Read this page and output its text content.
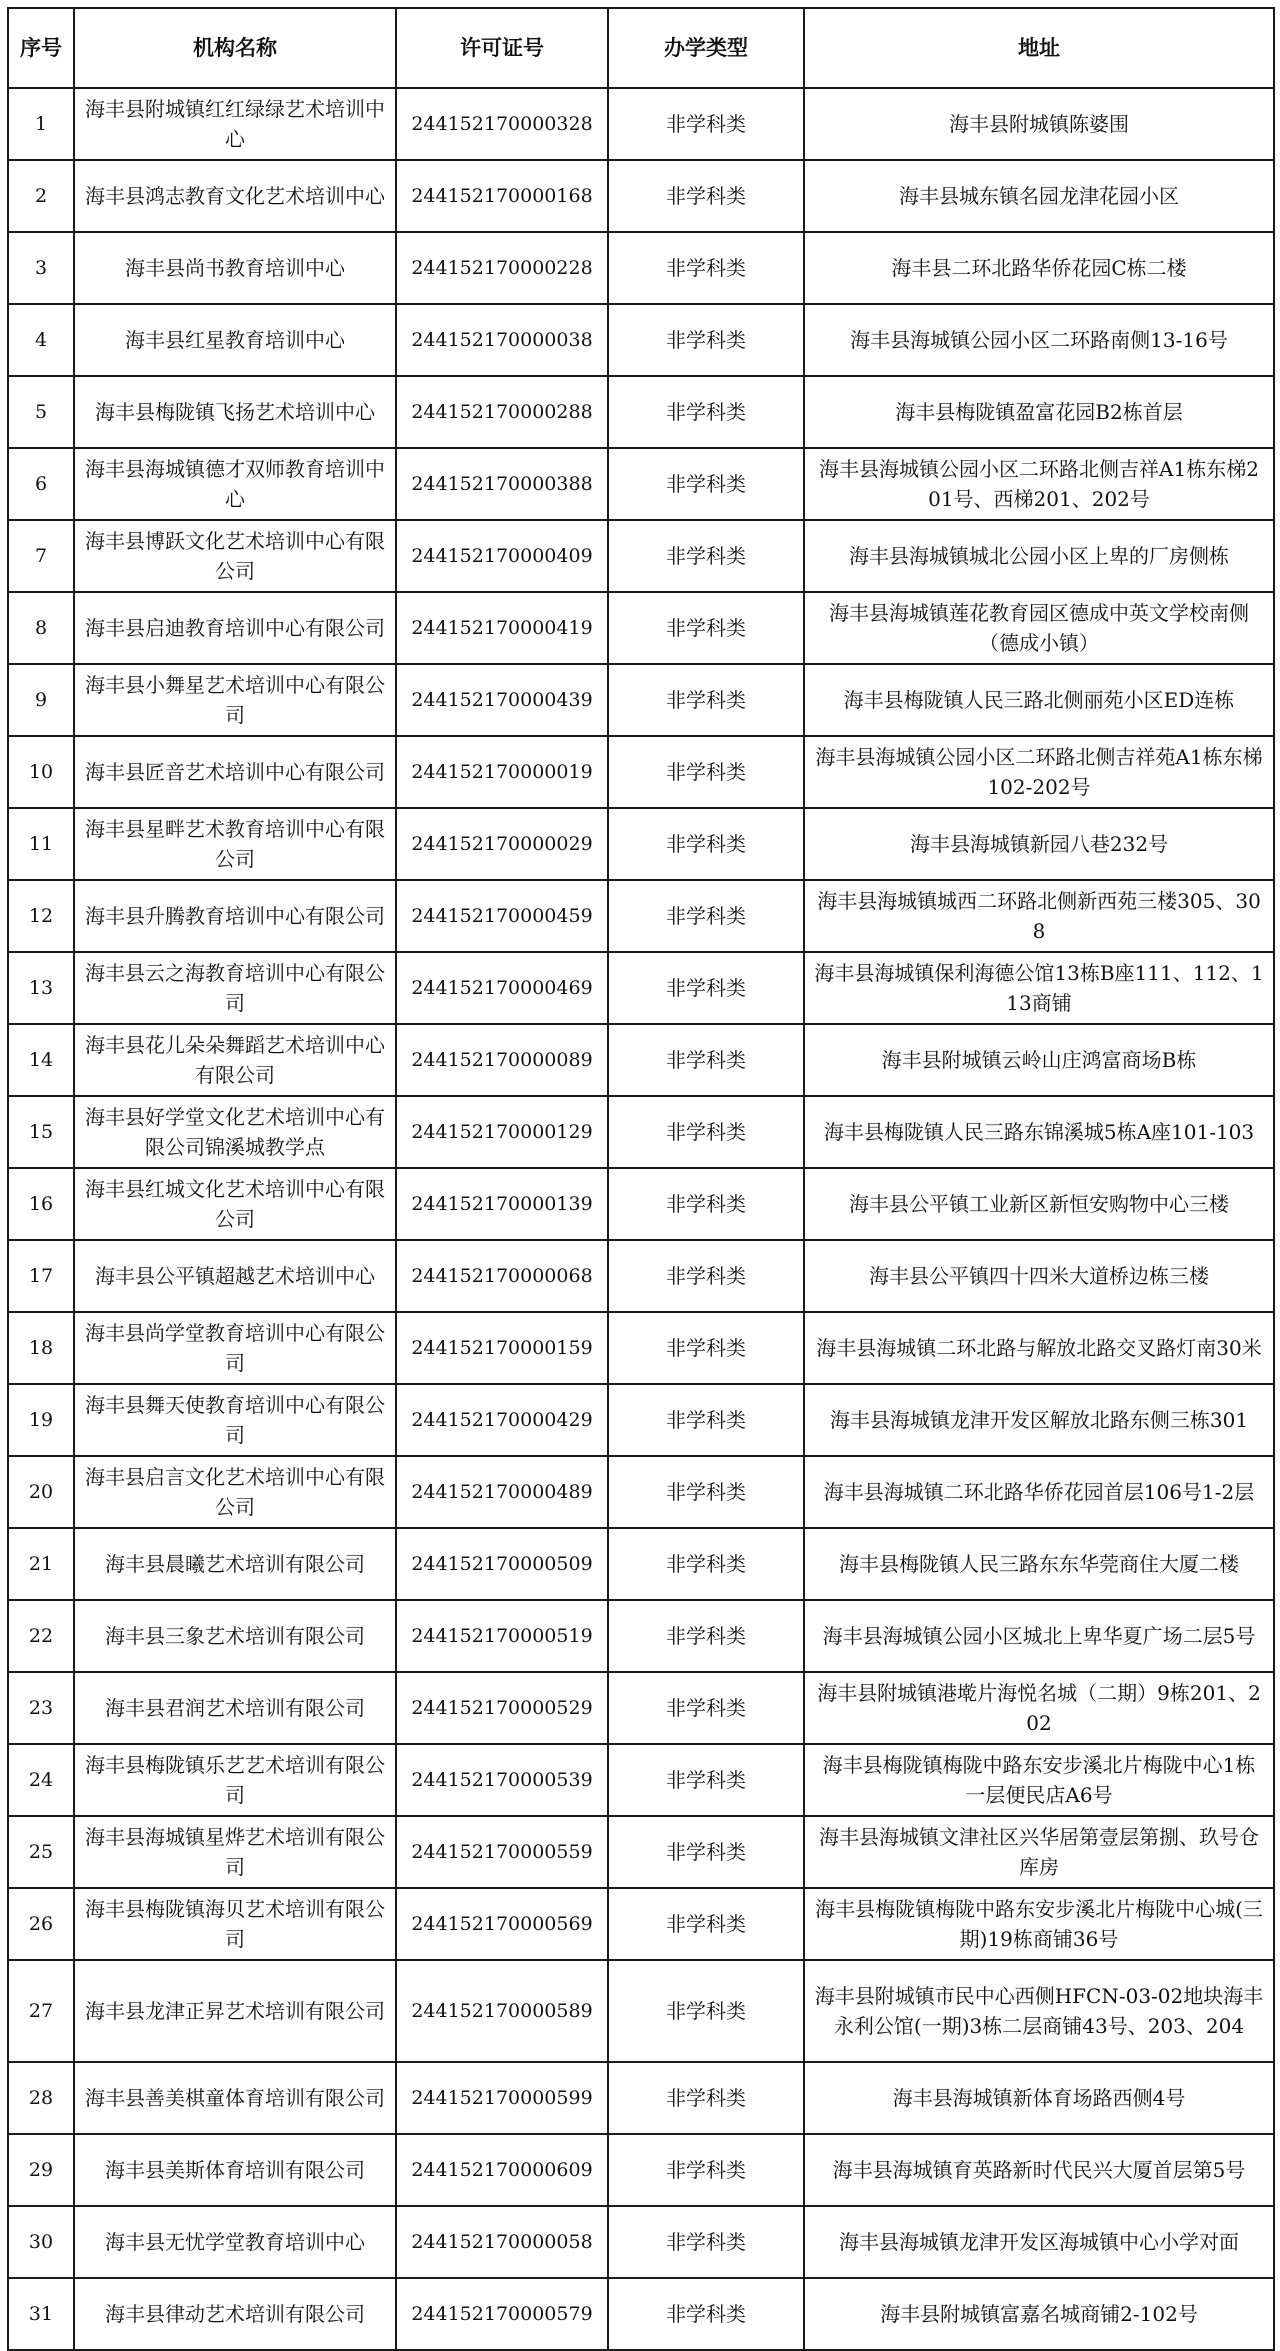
序号	机构名称	许可证号	办学类型	地址
1	海丰县附城镇红红绿绿艺术培训中心	244152170000328	非学科类	海丰县附城镇陈婆围
2	海丰县鸿志教育文化艺术培训中心	244152170000168	非学科类	海丰县城东镇名园龙津花园小区
3	海丰县尚书教育培训中心	244152170000228	非学科类	海丰县二环北路华侨花园C栋二楼
4	海丰县红星教育培训中心	244152170000038	非学科类	海丰县海城镇公园小区二环路南侧13-16号
5	海丰县梅陇镇飞扬艺术培训中心	244152170000288	非学科类	海丰县梅陇镇盈富花园B2栋首层
6	海丰县海城镇德才双师教育培训中心	244152170000388	非学科类	海丰县海城镇公园小区二环路北侧吉祥A1栋东梯201号、西梯201、202号
7	海丰县博跃文化艺术培训中心有限公司	244152170000409	非学科类	海丰县海城镇城北公园小区上卑的厂房侧栋
8	海丰县启迪教育培训中心有限公司	244152170000419	非学科类	海丰县海城镇莲花教育园区德成中英文学校南侧（德成小镇）
9	海丰县小舞星艺术培训中心有限公司	244152170000439	非学科类	海丰县梅陇镇人民三路北侧丽苑小区ED连栋
10	海丰县匠音艺术培训中心有限公司	244152170000019	非学科类	海丰县海城镇公园小区二环路北侧吉祥苑A1栋东梯102-202号
11	海丰县星畔艺术教育培训中心有限公司	244152170000029	非学科类	海丰县海城镇新园八巷232号
12	海丰县升腾教育培训中心有限公司	244152170000459	非学科类	海丰县海城镇城西二环路北侧新西苑三楼305、308
13	海丰县云之海教育培训中心有限公司	244152170000469	非学科类	海丰县海城镇保利海德公馆13栋B座111、112、113商铺
14	海丰县花儿朵朵舞蹈艺术培训中心有限公司	244152170000089	非学科类	海丰县附城镇云岭山庄鸿富商场B栋
15	海丰县好学堂文化艺术培训中心有限公司锦溪城教学点	244152170000129	非学科类	海丰县梅陇镇人民三路东锦溪城5栋A座101-103
16	海丰县红城文化艺术培训中心有限公司	244152170000139	非学科类	海丰县公平镇工业新区新恒安购物中心三楼
17	海丰县公平镇超越艺术培训中心	244152170000068	非学科类	海丰县公平镇四十四米大道桥边栋三楼
18	海丰县尚学堂教育培训中心有限公司	244152170000159	非学科类	海丰县海城镇二环北路与解放北路交叉路灯南30米
19	海丰县舞天使教育培训中心有限公司	244152170000429	非学科类	海丰县海城镇龙津开发区解放北路东侧三栋301
20	海丰县启言文化艺术培训中心有限公司	244152170000489	非学科类	海丰县海城镇二环北路华侨花园首层106号1-2层
21	海丰县晨曦艺术培训有限公司	244152170000509	非学科类	海丰县梅陇镇人民三路东东华莞商住大厦二楼
22	海丰县三象艺术培训有限公司	244152170000519	非学科类	海丰县海城镇公园小区城北上卑华夏广场二层5号
23	海丰县君润艺术培训有限公司	244152170000529	非学科类	海丰县附城镇港墘片海悦名城（二期）9栋201、202
24	海丰县梅陇镇乐艺艺术培训有限公司	244152170000539	非学科类	海丰县梅陇镇梅陇中路东安步溪北片梅陇中心1栋一层便民店A6号
25	海丰县海城镇星烨艺术培训有限公司	244152170000559	非学科类	海丰县海城镇文津社区兴华居第壹层第捌、玖号仓库房
26	海丰县梅陇镇海贝艺术培训有限公司	244152170000569	非学科类	海丰县梅陇镇梅陇中路东安步溪北片梅陇中心城(三期)19栋商铺36号
27	海丰县龙津正昇艺术培训有限公司	244152170000589	非学科类	海丰县附城镇市民中心西侧HFCN-03-02地块海丰永利公馆(一期)3栋二层商铺43号、203、204
28	海丰县善美棋童体育培训有限公司	244152170000599	非学科类	海丰县海城镇新体育场路西侧4号
29	海丰县美斯体育培训有限公司	244152170000609	非学科类	海丰县海城镇育英路新时代民兴大厦首层第5号
30	海丰县无忧学堂教育培训中心	244152170000058	非学科类	海丰县海城镇龙津开发区海城镇中心小学对面
31	海丰县律动艺术培训有限公司	244152170000579	非学科类	海丰县附城镇富嘉名城商铺2-102号
